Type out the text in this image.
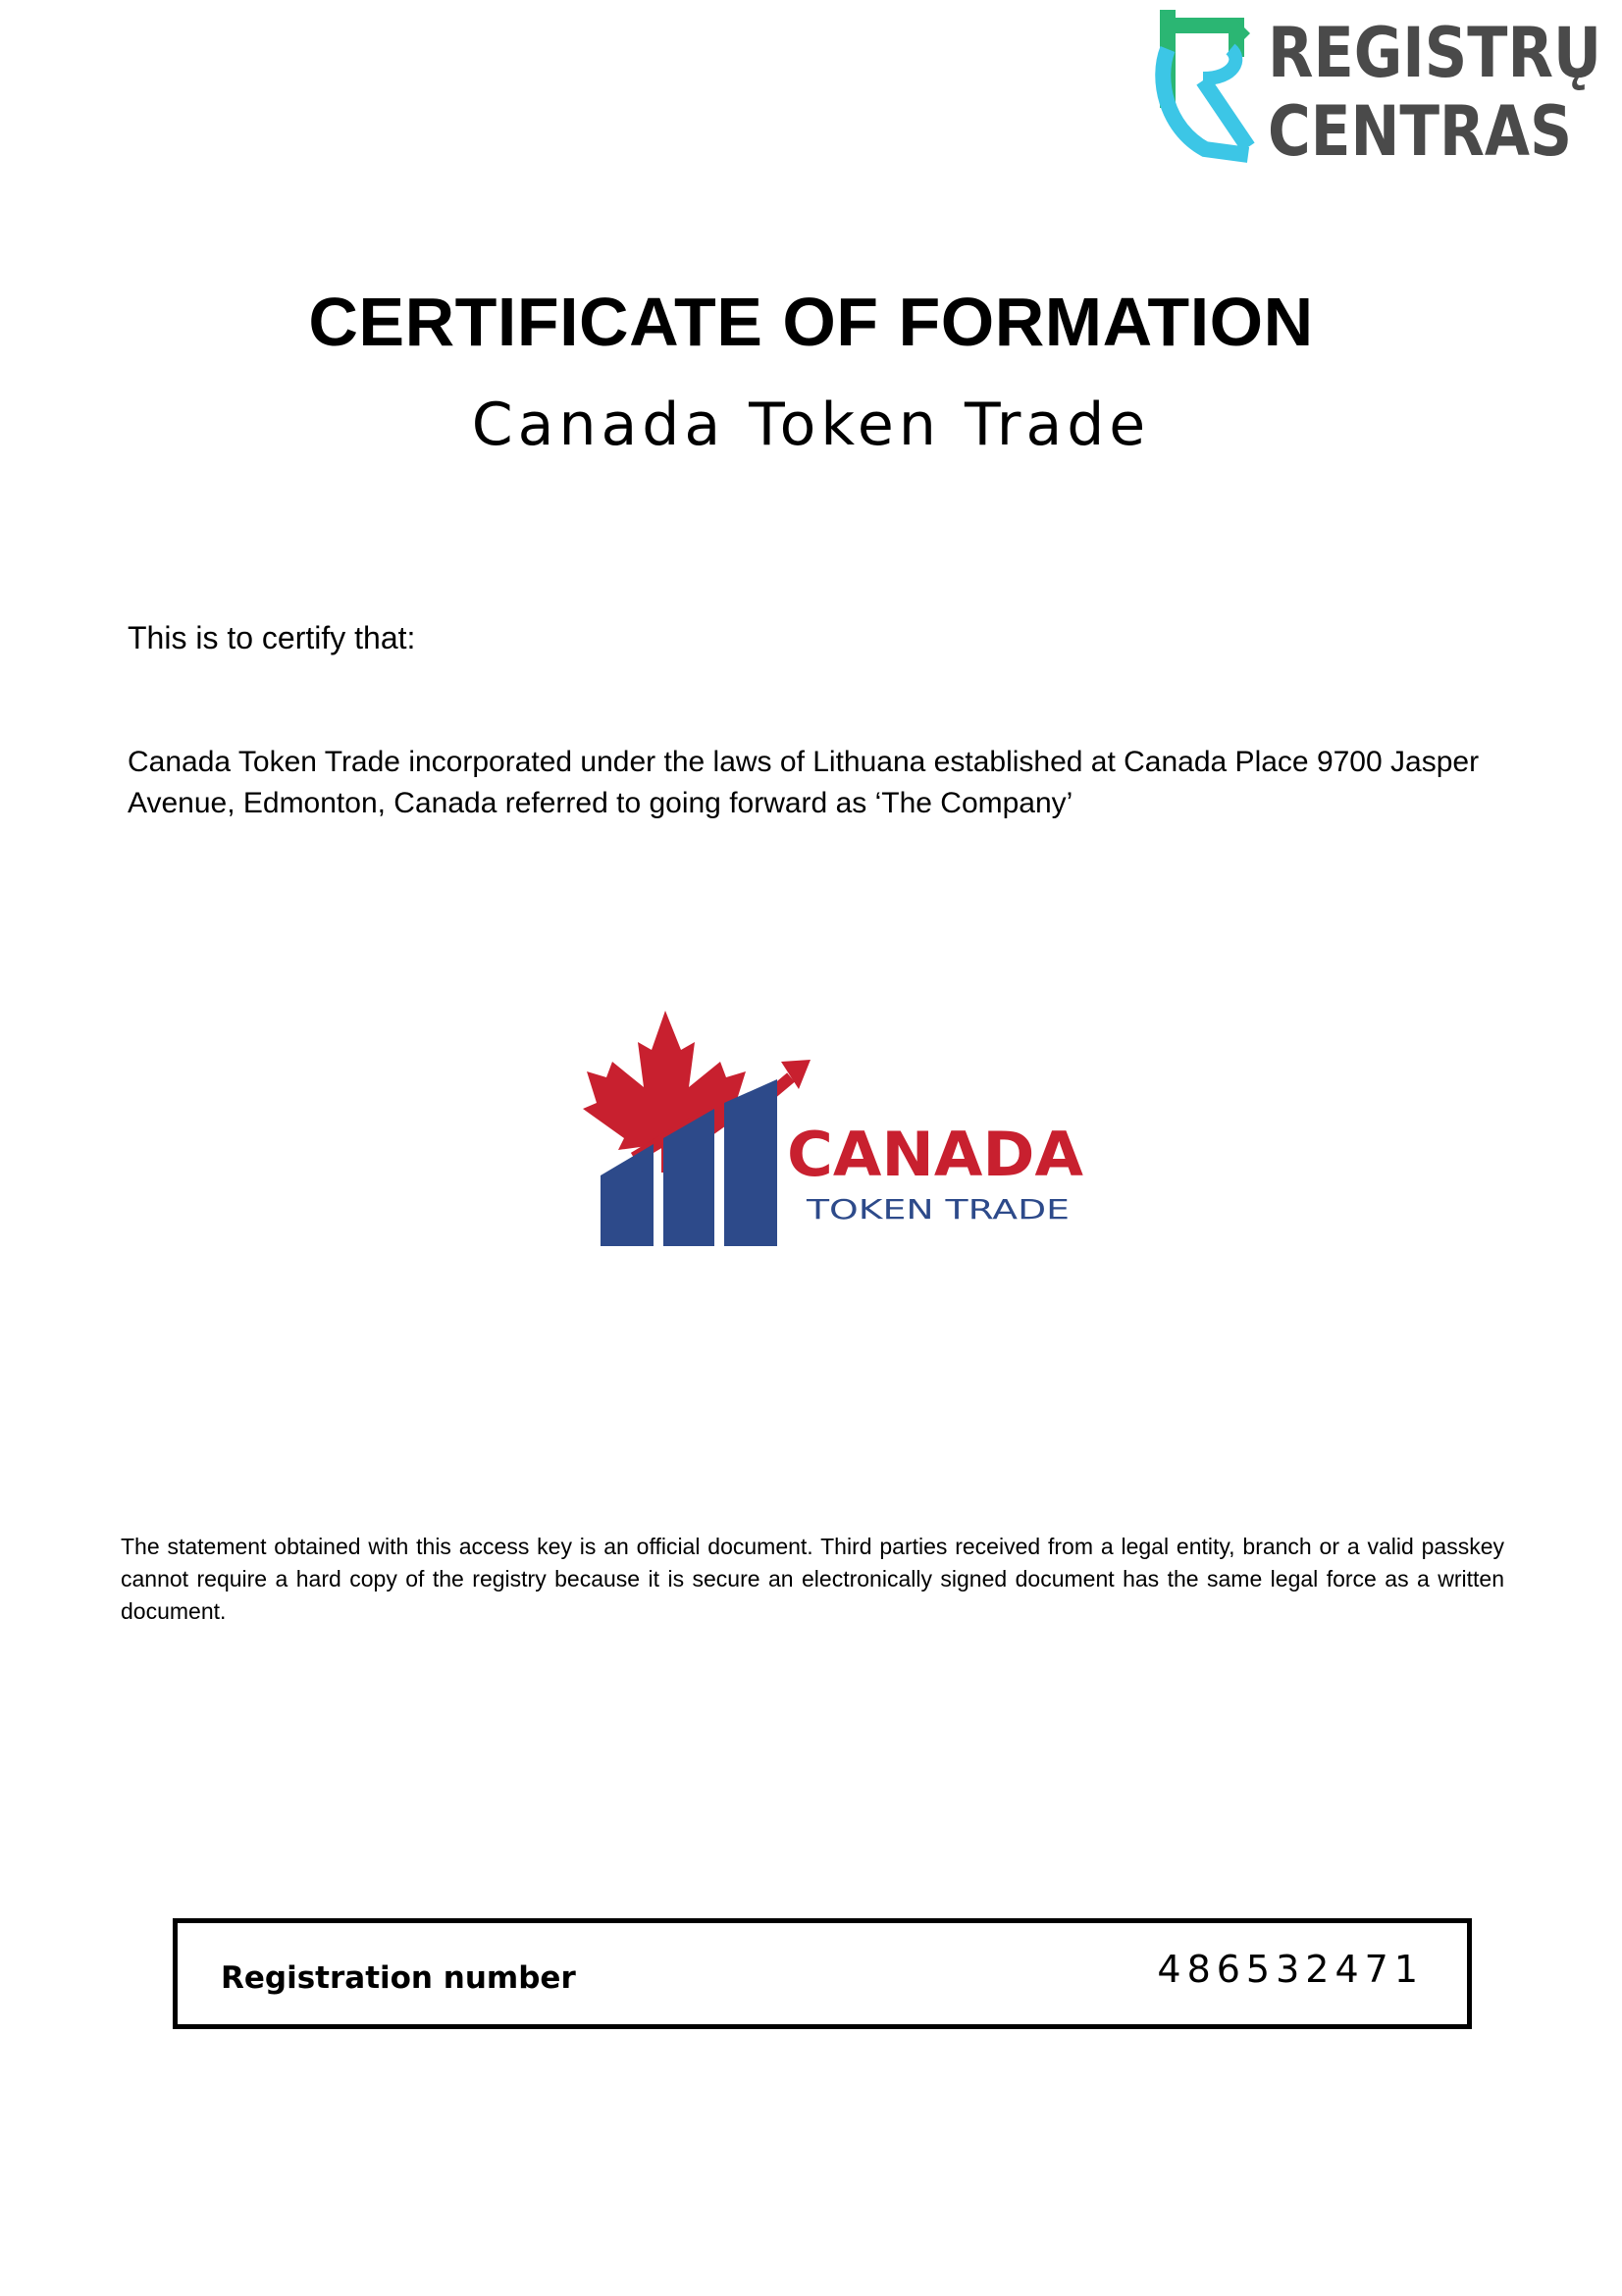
REGISTRŲ
CENTRAS
CERTIFICATE OF FORMATION
Canada Token Trade

This is to certify that:

Canada Token Trade incorporated under the laws of Lithuana established at Canada Place 9700 Jasper Avenue, Edmonton, Canada referred to going forward as ‘The Company’

CANADA
TOKEN TRADE

The statement obtained with this access key is an official document. Third parties received from a legal entity, branch or a valid passkey cannot require a hard copy of the registry because it is secure an electronically signed document has the same legal force as a written document.

Registration number	486532471
